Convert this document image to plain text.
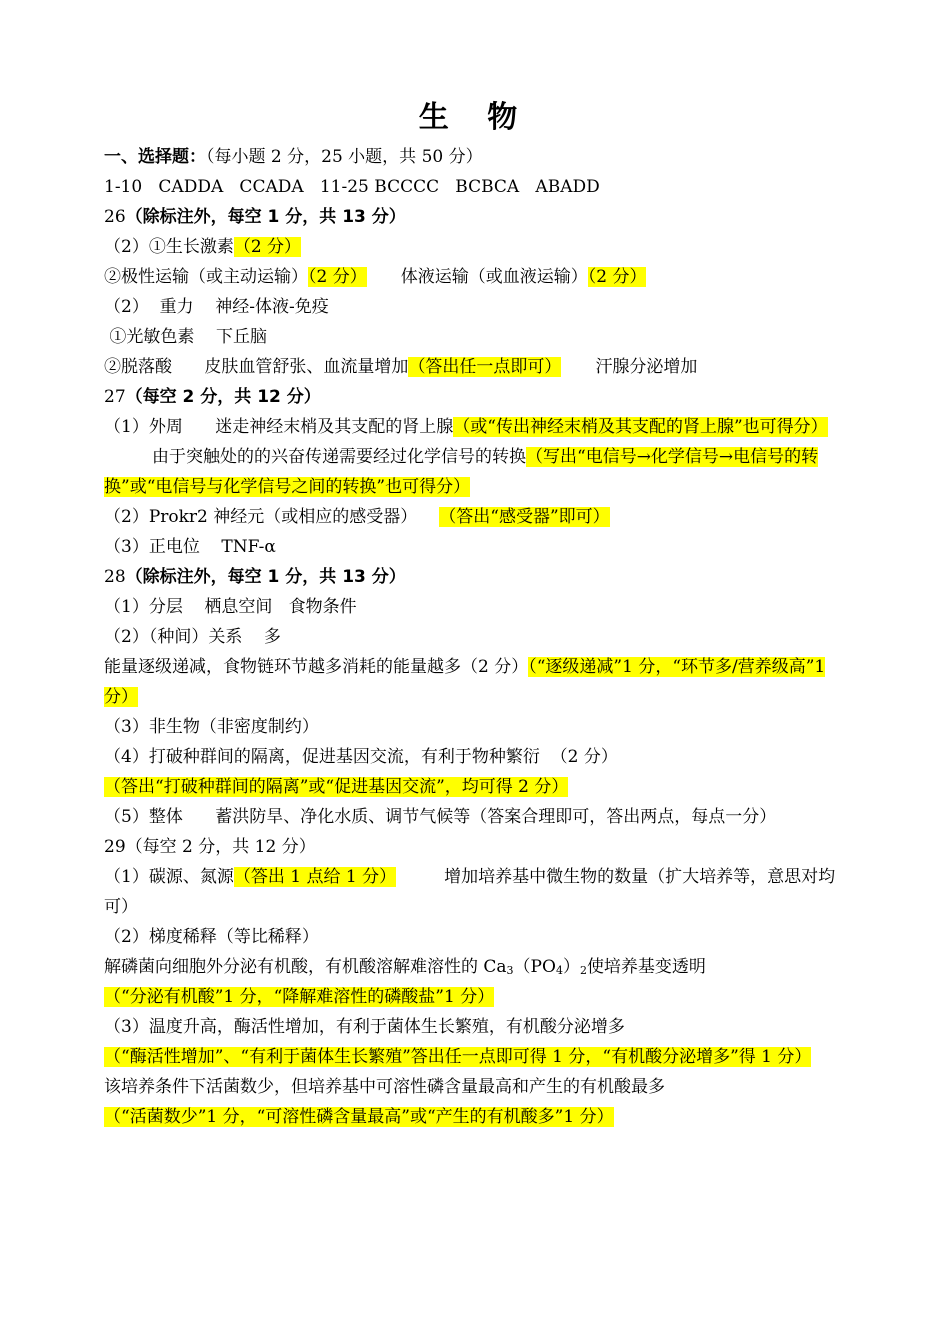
生 物
一、选择题：（每小题 2 分，25 小题，共 50 分）
1-10   CADDA   CCADA   11-25 BCCCC   BCBCA   ABADD
26（除标注外，每空 1 分，共 13 分）
（2）①生长激素（2 分）
②极性运输（或主动运输）（2 分） 体液运输（或血液运输）（2 分）
（2）  重力    神经-体液-免疫
①光敏色素    下丘脑
②脱落酸      皮肤血管舒张、血流量增加（答出任一点即可） 汗腺分泌增加
27（每空 2 分，共 12 分）
（1）外周      迷走神经末梢及其支配的肾上腺（或“传出神经末梢及其支配的肾上腺”也可得分）由于突触处的的兴奋传递需要经过化学信号的转换（写出“电信号→化学信号→电信号的转换”或“电信号与化学信号之间的转换”也可得分）
（2）Prokr2 神经元（或相应的感受器） （答出“感受器”即可）
（3）正电位    TNF-α
28（除标注外，每空 1 分，共 13 分）
（1）分层    栖息空间   食物条件
（2）（种间）关系    多
能量逐级递减，食物链环节越多消耗的能量越多（2 分）（“逐级递减”1 分，“环节多/营养级高”1 分）
（3）非生物（非密度制约）
（4）打破种群间的隔离，促进基因交流，有利于物种繁衍  （2 分）
（答出“打破种群间的隔离”或“促进基因交流”，均可得 2 分）
（5）整体      蓄洪防旱、净化水质、调节气候等（答案合理即可，答出两点，每点一分）
29（每空 2 分，共 12 分）
（1）碳源、氮源（答出 1 点给 1 分）	增加培养基中微生物的数量（扩大培养等，意思对均可）
（2）梯度稀释（等比稀释）
解磷菌向细胞外分泌有机酸，有机酸溶解难溶性的 $Ca_3(PO_4)_2$使培养基变透明
（“分泌有机酸”1 分，“降解难溶性的磷酸盐”1 分）
（3）温度升高，酶活性增加，有利于菌体生长繁殖，有机酸分泌增多
（“酶活性增加”、“有利于菌体生长繁殖”答出任一点即可得 1 分，“有机酸分泌增多”得 1 分）
该培养条件下活菌数少，但培养基中可溶性磷含量最高和产生的有机酸最多
（“活菌数少”1 分，“可溶性磷含量最高”或“产生的有机酸多”1 分）
